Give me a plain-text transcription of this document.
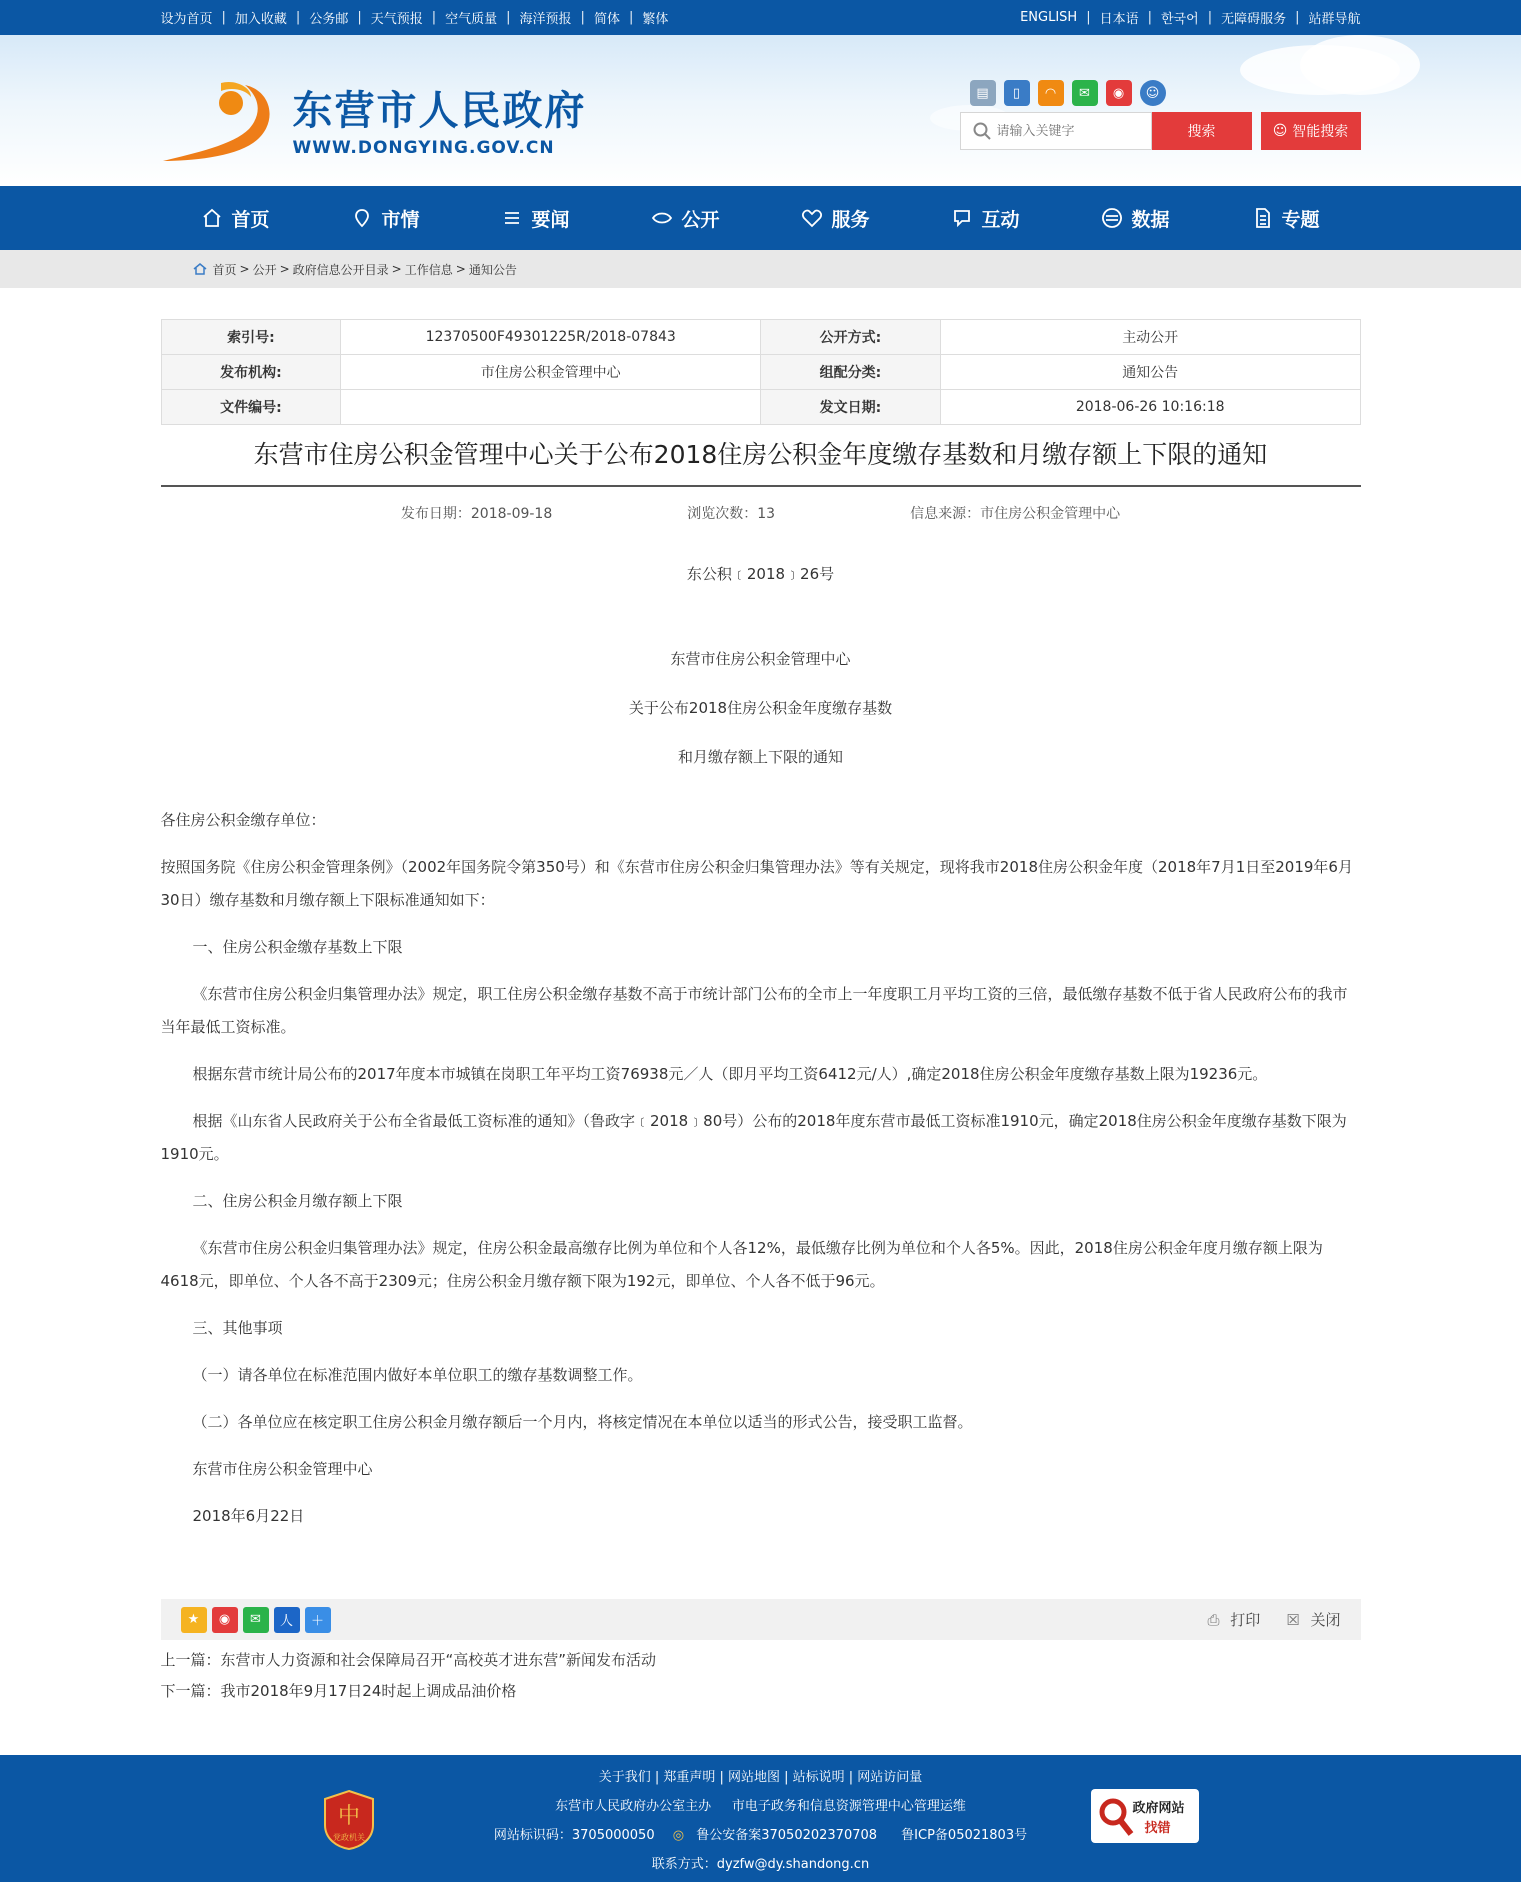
设为首页 | 加入收藏 | 公务邮 | 天气预报 | 空气质量 | 海洋预报 | 简体 | 繁体	ENGLISH | 日本语 | 한국어 | 无障碍服务 | 站群导航
东营市人民政府
WWW.DONGYING.GOV.CN
▤	▯	◠	✉	◉	☺
请输入关键字
搜索	☺ 智能搜索
首页	市情	要闻	公开	服务	互动	数据	专题
首页 > 公开 > 政府信息公开目录 > 工作信息 > 通知公告
索引号:	12370500F49301225R/2018-07843	公开方式:	主动公开
发布机构:	市住房公积金管理中心	组配分类:	通知公告
文件编号:		发文日期:	2018-06-26 10:16:18
东营市住房公积金管理中心关于公布2018住房公积金年度缴存基数和月缴存额上下限的通知
发布日期：2018-09-18	浏览次数：13	信息来源：市住房公积金管理中心
东公积﹝2018﹞26号

东营市住房公积金管理中心

关于公布2018住房公积金年度缴存基数

和月缴存额上下限的通知

各住房公积金缴存单位：

按照国务院《住房公积金管理条例》（2002年国务院令第350号）和《东营市住房公积金归集管理办法》等有关规定，现将我市2018住房公积金年度（2018年7月1日至2019年6月30日）缴存基数和月缴存额上下限标准通知如下：

一、住房公积金缴存基数上下限

《东营市住房公积金归集管理办法》规定，职工住房公积金缴存基数不高于市统计部门公布的全市上一年度职工月平均工资的三倍，最低缴存基数不低于省人民政府公布的我市当年最低工资标准。

根据东营市统计局公布的2017年度本市城镇在岗职工年平均工资76938元／人（即月平均工资6412元/人）,确定2018住房公积金年度缴存基数上限为19236元。

根据《山东省人民政府关于公布全省最低工资标准的通知》（鲁政字﹝2018﹞80号）公布的2018年度东营市最低工资标准1910元，确定2018住房公积金年度缴存基数下限为1910元。

二、住房公积金月缴存额上下限

《东营市住房公积金归集管理办法》规定，住房公积金最高缴存比例为单位和个人各12%，最低缴存比例为单位和个人各5%。因此，2018住房公积金年度月缴存额上限为4618元，即单位、个人各不高于2309元；住房公积金月缴存额下限为192元，即单位、个人各不低于96元。

三、其他事项

（一）请各单位在标准范围内做好本单位职工的缴存基数调整工作。

（二）各单位应在核定职工住房公积金月缴存额后一个月内，将核定情况在本单位以适当的形式公告，接受职工监督。

东营市住房公积金管理中心

2018年6月22日

★	◉	✉	人	＋	⎙ 打印 ☒ 关闭
上一篇：东营市人力资源和社会保障局召开“高校英才进东营”新闻发布活动
下一篇：我市2018年9月17日24时起上调成品油价格
中
党政机关
关于我们 | 郑重声明 | 网站地图 | 站标说明 | 网站访问量
东营市人民政府办公室主办     市电子政务和信息资源管理中心管理运维
网站标识码：3705000050 ◎ 鲁公安备案37050202370708 鲁ICP备05021803号
联系方式：dyzfw@dy.shandong.cn
政府网站
找错
